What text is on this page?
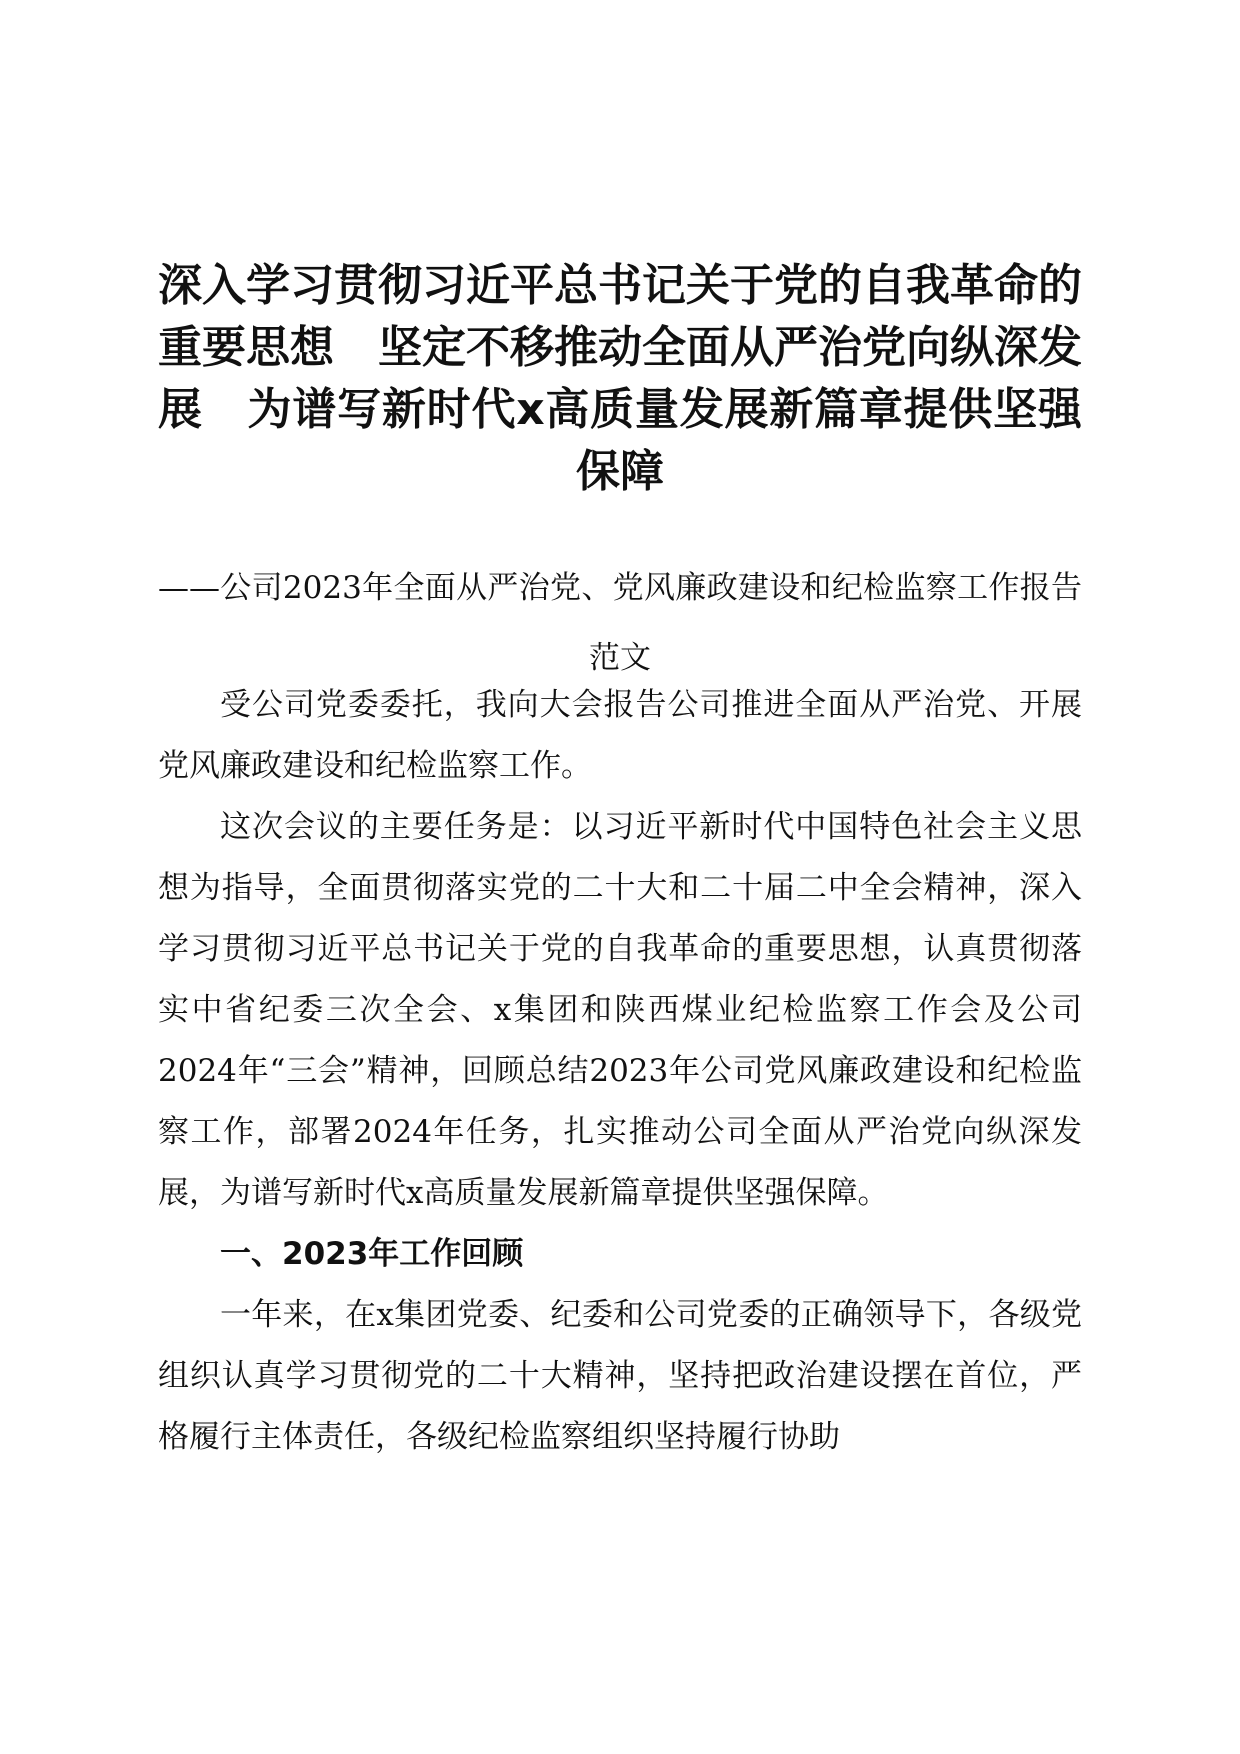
深入学习贯彻习近平总书记关于党的自我革命的重要思想　坚定不移推动全面从严治党向纵深发展　为谱写新时代x高质量发展新篇章提供坚强保障
——公司2023年全面从严治党、党风廉政建设和纪检监察工作报告范文

受公司党委委托，我向大会报告公司推进全面从严治党、开展党风廉政建设和纪检监察工作。

这次会议的主要任务是：以习近平新时代中国特色社会主义思想为指导，全面贯彻落实党的二十大和二十届二中全会精神，深入学习贯彻习近平总书记关于党的自我革命的重要思想，认真贯彻落实中省纪委三次全会、x集团和陕西煤业纪检监察工作会及公司2024年“三会”精神，回顾总结2023年公司党风廉政建设和纪检监察工作，部署2024年任务，扎实推动公司全面从严治党向纵深发展，为谱写新时代x高质量发展新篇章提供坚强保障。

一、2023年工作回顾

一年来，在x集团党委、纪委和公司党委的正确领导下，各级党组织认真学习贯彻党的二十大精神，坚持把政治建设摆在首位，严格履行主体责任，各级纪检监察组织坚持履行协助
